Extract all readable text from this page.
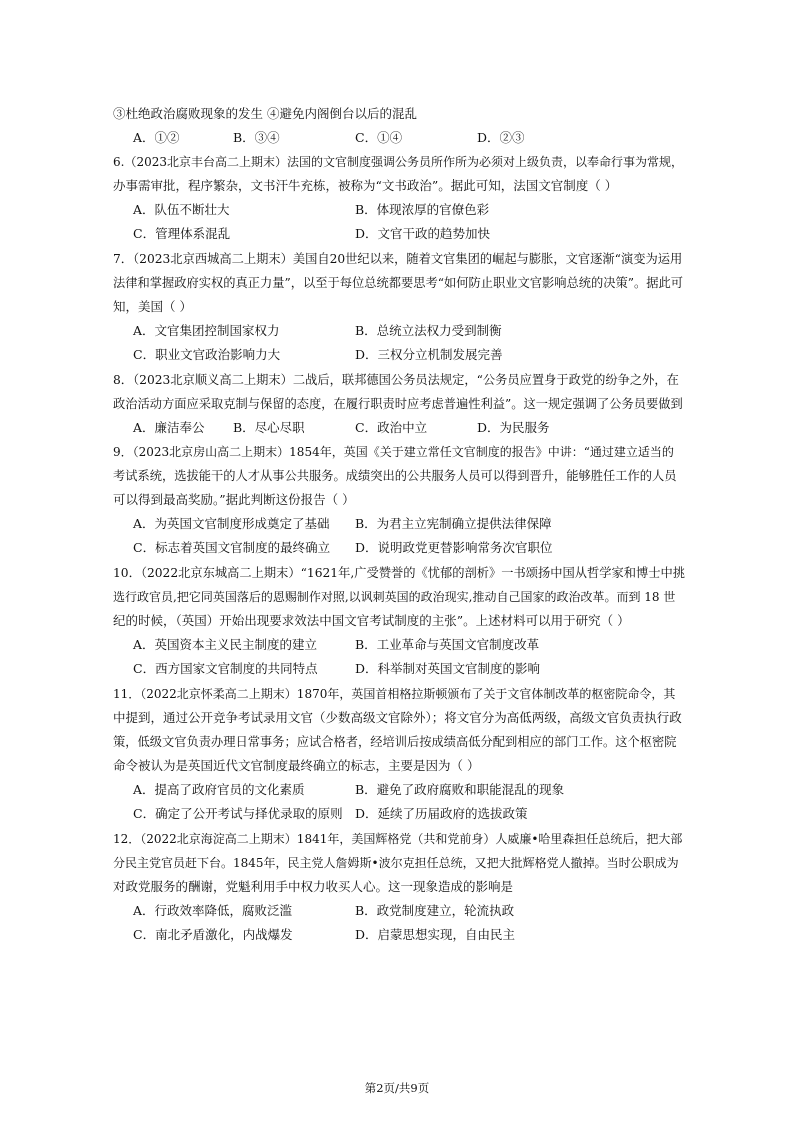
③杜绝政治腐败现象的发生 ④避免内阁倒台以后的混乱
A．①②	B．③④	C．①④	D．②③
6.（2023北京丰台高二上期末）法国的文官制度强调公务员所作所为必须对上级负责，以奉命行事为常规，
办事需审批，程序繁杂，文书汗牛充栋，被称为“文书政治”。据此可知，法国文官制度（ ）
A．队伍不断壮大	B．体现浓厚的官僚色彩
C．管理体系混乱	D．文官干政的趋势加快
7．（2023北京西城高二上期末）美国自20世纪以来，随着文官集团的崛起与膨胀，文官逐渐“演变为运用
法律和掌握政府实权的真正力量”，以至于每位总统都要思考“如何防止职业文官影响总统的决策”。据此可
知，美国（ ）
A．文官集团控制国家权力	B．总统立法权力受到制衡
C．职业文官政治影响力大	D．三权分立机制发展完善
8．（2023北京顺义高二上期末）二战后，联邦德国公务员法规定，“公务员应置身于政党的纷争之外，在
政治活动方面应采取克制与保留的态度，在履行职责时应考虑普遍性利益”。这一规定强调了公务员要做到
A．廉洁奉公 B．尽心尽职	C．政治中立	D．为民服务
9．（2023北京房山高二上期末）1854年，英国《关于建立常任文官制度的报告》中讲：“通过建立适当的
考试系统，选拔能干的人才从事公共服务。成绩突出的公共服务人员可以得到晋升，能够胜任工作的人员
可以得到最高奖励。”据此判断这份报告（ ）
A．为英国文官制度形成奠定了基础 B．为君主立宪制确立提供法律保障
C．标志着英国文官制度的最终确立 D．说明政党更替影响常务次官职位
10．（2022北京东城高二上期末）“1621年,广受赞誉的《忧郁的剖析》一书颂扬中国从哲学家和博士中挑
选行政官员,把它同英国落后的恩赐制作对照,以讽刺英国的政治现实,推动自己国家的政治改革。而到 18 世
纪的时候，（英国）开始出现要求效法中国文官考试制度的主张”。上述材料可以用于研究（ ）
A．英国资本主义民主制度的建立	B．工业革命与英国文官制度改革
C．西方国家文官制度的共同特点	D．科举制对英国文官制度的影响
11．（2022北京怀柔高二上期末）1870年，英国首相格拉斯顿颁布了关于文官体制改革的枢密院命令，其
中提到，通过公开竞争考试录用文官（少数高级文官除外）；将文官分为高低两级，高级文官负责执行政
策，低级文官负责办理日常事务；应试合格者，经培训后按成绩高低分配到相应的部门工作。这个枢密院
命令被认为是英国近代文官制度最终确立的标志，主要是因为（ ）
A．提高了政府官员的文化素质	B．避免了政府腐败和职能混乱的现象
C．确定了公开考试与择优录取的原则 D．延续了历届政府的选拔政策
12．（2022北京海淀高二上期末）1841年，美国辉格党（共和党前身）人威廉•哈里森担任总统后，把大部
分民主党官员赶下台。1845年，民主党人詹姆斯•波尔克担任总统，又把大批辉格党人撤掉。当时公职成为
对政党服务的酬谢，党魁利用手中权力收买人心。这一现象造成的影响是
A．行政效率降低，腐败泛滥	B．政党制度建立，轮流执政
C．南北矛盾激化，内战爆发	D．启蒙思想实现，自由民主
第2页/共9页
